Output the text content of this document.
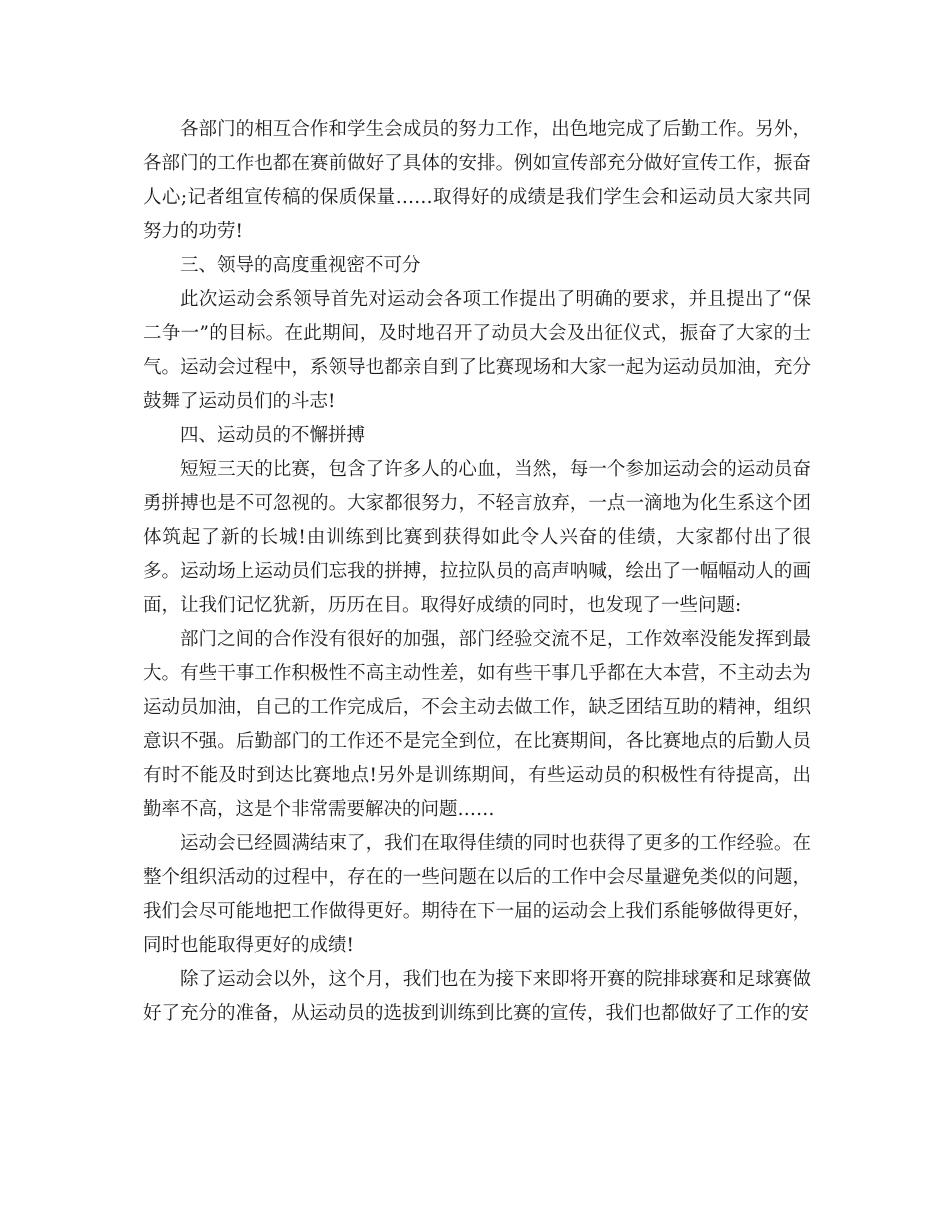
各部门的相互合作和学生会成员的努力工作，出色地完成了后勤工作。另外，各部门的工作也都在赛前做好了具体的安排。例如宣传部充分做好宣传工作，振奋人心;记者组宣传稿的保质保量……取得好的成绩是我们学生会和运动员大家共同努力的功劳!

三、领导的高度重视密不可分

此次运动会系领导首先对运动会各项工作提出了明确的要求，并且提出了“保二争一”的目标。在此期间，及时地召开了动员大会及出征仪式，振奋了大家的士气。运动会过程中，系领导也都亲自到了比赛现场和大家一起为运动员加油，充分鼓舞了运动员们的斗志!

四、运动员的不懈拼搏

短短三天的比赛，包含了许多人的心血，当然，每一个参加运动会的运动员奋勇拼搏也是不可忽视的。大家都很努力，不轻言放弃，一点一滴地为化生系这个团体筑起了新的长城!由训练到比赛到获得如此令人兴奋的佳绩，大家都付出了很多。运动场上运动员们忘我的拼搏，拉拉队员的高声呐喊，绘出了一幅幅动人的画面，让我们记忆犹新，历历在目。取得好成绩的同时，也发现了一些问题:

部门之间的合作没有很好的加强，部门经验交流不足，工作效率没能发挥到最大。有些干事工作积极性不高主动性差，如有些干事几乎都在大本营，不主动去为运动员加油，自己的工作完成后，不会主动去做工作，缺乏团结互助的精神，组织意识不强。后勤部门的工作还不是完全到位，在比赛期间，各比赛地点的后勤人员有时不能及时到达比赛地点!另外是训练期间，有些运动员的积极性有待提高，出勤率不高，这是个非常需要解决的问题……

运动会已经圆满结束了，我们在取得佳绩的同时也获得了更多的工作经验。在整个组织活动的过程中，存在的一些问题在以后的工作中会尽量避免类似的问题，我们会尽可能地把工作做得更好。期待在下一届的运动会上我们系能够做得更好，同时也能取得更好的成绩!

除了运动会以外，这个月，我们也在为接下来即将开赛的院排球赛和足球赛做好了充分的准备，从运动员的选拔到训练到比赛的宣传，我们也都做好了工作的安
